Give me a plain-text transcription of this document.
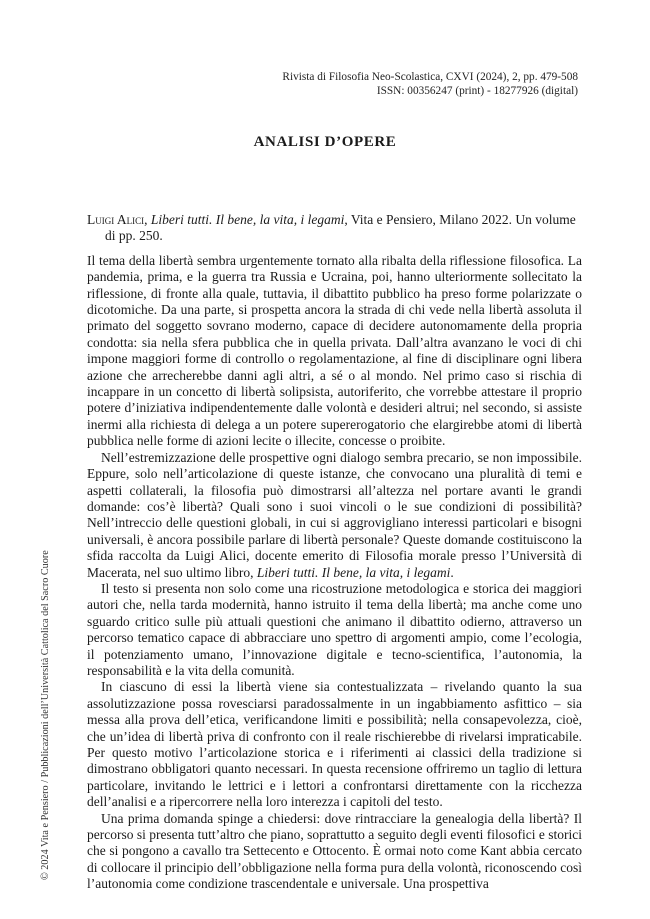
Rivista di Filosofia Neo-Scolastica, CXVI (2024), 2, pp. 479-508
ISSN: 00356247 (print) - 18277926 (digital)
ANALISI D’OPERE

Luigi Alici, Liberi tutti. Il bene, la vita, i legami, Vita e Pensiero, Milano 2022. Un volume di pp. 250.

Il tema della libertà sembra urgentemente tornato alla ribalta della riflessione filosofica. La pandemia, prima, e la guerra tra Russia e Ucraina, poi, hanno ulteriormente sollecitato la riflessione, di fronte alla quale, tuttavia, il dibattito pubblico ha preso forme polarizzate o dicotomiche. Da una parte, si prospetta ancora la strada di chi vede nella libertà assoluta il primato del soggetto sovrano moderno, capace di decidere autonomamente della propria condotta: sia nella sfera pubblica che in quella privata. Dall’altra avanzano le voci di chi impone maggiori forme di controllo o regolamentazione, al fine di disciplinare ogni libera azione che arrecherebbe danni agli altri, a sé o al mondo. Nel primo caso si rischia di incappare in un concetto di libertà solipsista, autoriferito, che vorrebbe attestare il proprio potere d’iniziativa indipendentemente dalle volontà e desideri altrui; nel secondo, si assiste inermi alla richiesta di delega a un potere supererogatorio che elargirebbe atomi di libertà pubblica nelle forme di azioni lecite o illecite, concesse o proibite.

Nell’estremizzazione delle prospettive ogni dialogo sembra precario, se non impossibile. Eppure, solo nell’articolazione di queste istanze, che convocano una pluralità di temi e aspetti collaterali, la filosofia può dimostrarsi all’altezza nel portare avanti le grandi domande: cos’è libertà? Quali sono i suoi vincoli o le sue condizioni di possibilità? Nell’intreccio delle questioni globali, in cui si aggrovigliano interessi particolari e bisogni universali, è ancora possibile parlare di libertà personale? Queste domande costituiscono la sfida raccolta da Luigi Alici, docente emerito di Filosofia morale presso l’Università di Macerata, nel suo ultimo libro, Liberi tutti. Il bene, la vita, i legami.

Il testo si presenta non solo come una ricostruzione metodologica e storica dei maggiori autori che, nella tarda modernità, hanno istruito il tema della libertà; ma anche come uno sguardo critico sulle più attuali questioni che animano il dibattito odierno, attraverso un percorso tematico capace di abbracciare uno spettro di argomenti ampio, come l’ecologia, il potenziamento umano, l’innovazione digitale e tecno-scientifica, l’autonomia, la responsabilità e la vita della comunità.

In ciascuno di essi la libertà viene sia contestualizzata – rivelando quanto la sua assolutizzazione possa rovesciarsi paradossalmente in un ingabbiamento asfittico – sia messa alla prova dell’etica, verificandone limiti e possibilità; nella consapevolezza, cioè, che un’idea di libertà priva di confronto con il reale rischierebbe di rivelarsi impraticabile. Per questo motivo l’articolazione storica e i riferimenti ai classici della tradizione si dimostrano obbligatori quanto necessari. In questa recensione offriremo un taglio di lettura particolare, invitando le lettrici e i lettori a confrontarsi direttamente con la ricchezza dell’analisi e a ripercorrere nella loro interezza i capitoli del testo.

Una prima domanda spinge a chiedersi: dove rintracciare la genealogia della libertà? Il percorso si presenta tutt’altro che piano, soprattutto a seguito degli eventi filosofici e storici che si pongono a cavallo tra Settecento e Ottocento. È ormai noto come Kant abbia cercato di collocare il principio dell’obbligazione nella forma pura della volontà, riconoscendo così l’autonomia come condizione trascendentale e universale. Una prospettiva

© 2024 Vita e Pensiero / Pubblicazioni dell’Università Cattolica del Sacro Cuore
